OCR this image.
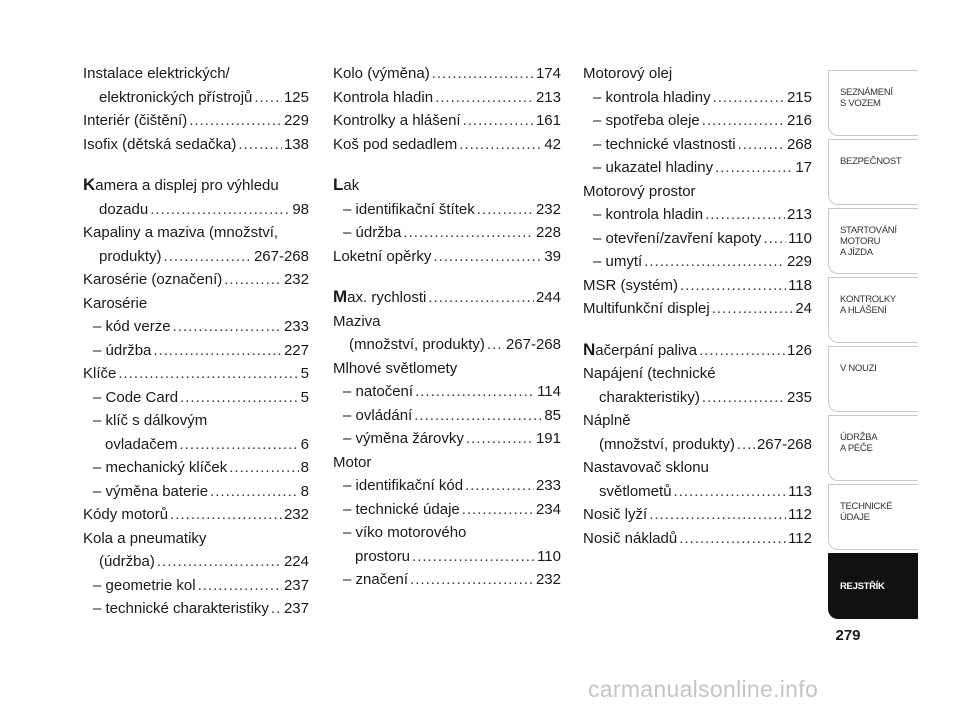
Instalace elektrických/
elektronických přístrojů ..... 125
Interiér (čištění) .....	229
Isofix (dětská sedačka) .....	138
Kamera a displej pro výhledu
dozadu .....	98
Kapaliny a maziva (množství,
produkty) .....	267-268
Karosérie (označení) .....	232
Karosérie
– kód verze .....	233
– údržba .....	227
Klíče .....	5
– Code Card .....	5
– klíč s dálkovým
ovladačem .....	6
– mechanický klíček .....	8
– výměna baterie .....	8
Kódy motorů .....	232
Kola a pneumatiky
(údržba) .....	224
– geometrie kol .....	237
– technické charakteristiky ..... 237
Kolo (výměna) .....	174
Kontrola hladin .....	213
Kontrolky a hlášení .....	161
Koš pod sedadlem .....	42
Lak
– identifikační štítek .....	232
– údržba .....	228
Loketní opěrky .....	39
M ax. rychlosti .....	244
Maziva
(množství, produkty) ..... 267-268
Mlhové světlomety
– natočení .....	114
– ovládání .....	85
– výměna žárovky .....	191
Motor
– identifikační kód .....	233
– technické údaje .....	234
– víko motorového
prostoru .....	110
– značení .....	232
Motorový olej
– kontrola hladiny .....	215
– spotřeba oleje .....	216
– technické vlastnosti .....	268
– ukazatel hladiny .....	17
Motorový prostor
– kontrola hladin .....	213
– otevření/zavření kapoty ..... 110
– umytí .....	229
MSR (systém) .....	118
Multifunkční displej .....	24
N ačerpání paliva .....	126
Napájení (technické
charakteristiky) .....	235
Náplně
(množství, produkty) ..... 267-268
Nastavovač sklonu
světlometů .....	113
Nosič lyží .....	112
Nosič nákladů .....	112
SEZNÁMENÍ
S VOZEM
BEZPEČNOST
STARTOVÁNÍ
MOTORU
A JÍZDA
KONTROLKY
A HLÁŠENÍ
V NOUZI
ÚDRŽBA
A PÉČE
TECHNICKÉ
ÚDAJE
REJSTŘÍK
279
carmanualsonline.info
